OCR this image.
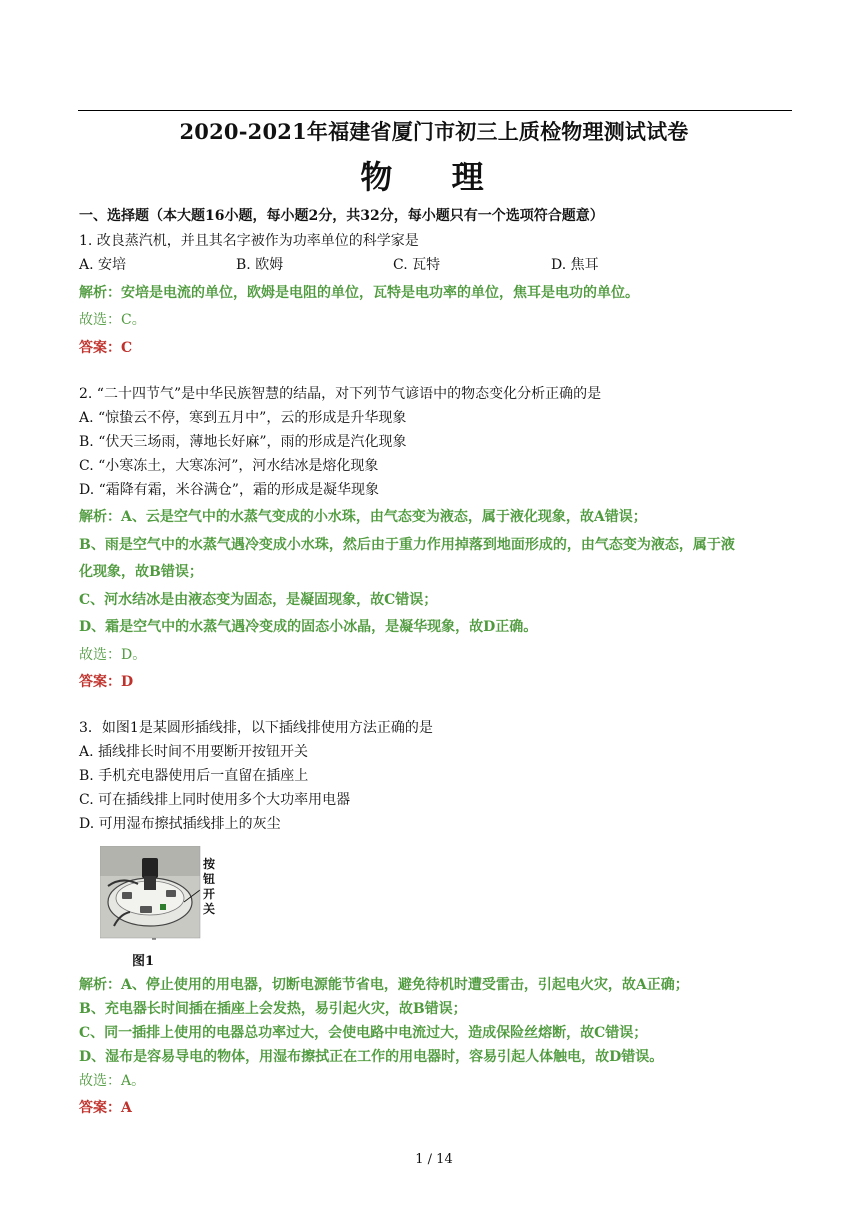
2020-2021年福建省厦门市初三上质检物理测试试卷
物 理
一、选择题（本大题16小题，每小题2分，共32分，每小题只有一个选项符合题意）
1. 改良蒸汽机，并且其名字被作为功率单位的科学家是
A. 安培	B. 欧姆	C. 瓦特	D. 焦耳
解析：安培是电流的单位，欧姆是电阻的单位，瓦特是电功率的单位，焦耳是电功的单位。
故选：C。
答案：C
2. “二十四节气”是中华民族智慧的结晶，对下列节气谚语中的物态变化分析正确的是
A. “惊蛰云不停，寒到五月中”，云的形成是升华现象
B. “伏天三场雨，薄地长好麻”，雨的形成是汽化现象
C. “小寒冻土，大寒冻河”，河水结冰是熔化现象
D. “霜降有霜，米谷满仓”，霜的形成是凝华现象
解析：A、云是空气中的水蒸气变成的小水珠，由气态变为液态，属于液化现象，故A错误；
B、雨是空气中的水蒸气遇冷变成小水珠，然后由于重力作用掉落到地面形成的，由气态变为液态，属于液
化现象，故B错误；
C、河水结冰是由液态变为固态，是凝固现象，故C错误；
D、霜是空气中的水蒸气遇冷变成的固态小冰晶，是凝华现象，故D正确。
故选：D。
答案：D
3．如图1是某圆形插线排，以下插线排使用方法正确的是
A. 插线排长时间不用要断开按钮开关
B. 手机充电器使用后一直留在插座上
C. 可在插线排上同时使用多个大功率用电器
D. 可用湿布擦拭插线排上的灰尘
按钮开关
图1
解析：A、停止使用的用电器，切断电源能节省电，避免待机时遭受雷击，引起电火灾，故A正确；
B、充电器长时间插在插座上会发热，易引起火灾，故B错误；
C、同一插排上使用的电器总功率过大，会使电路中电流过大，造成保险丝熔断，故C错误；
D、湿布是容易导电的物体，用湿布擦拭正在工作的用电器时，容易引起人体触电，故D错误。
故选：A。
答案：A
1 / 14
